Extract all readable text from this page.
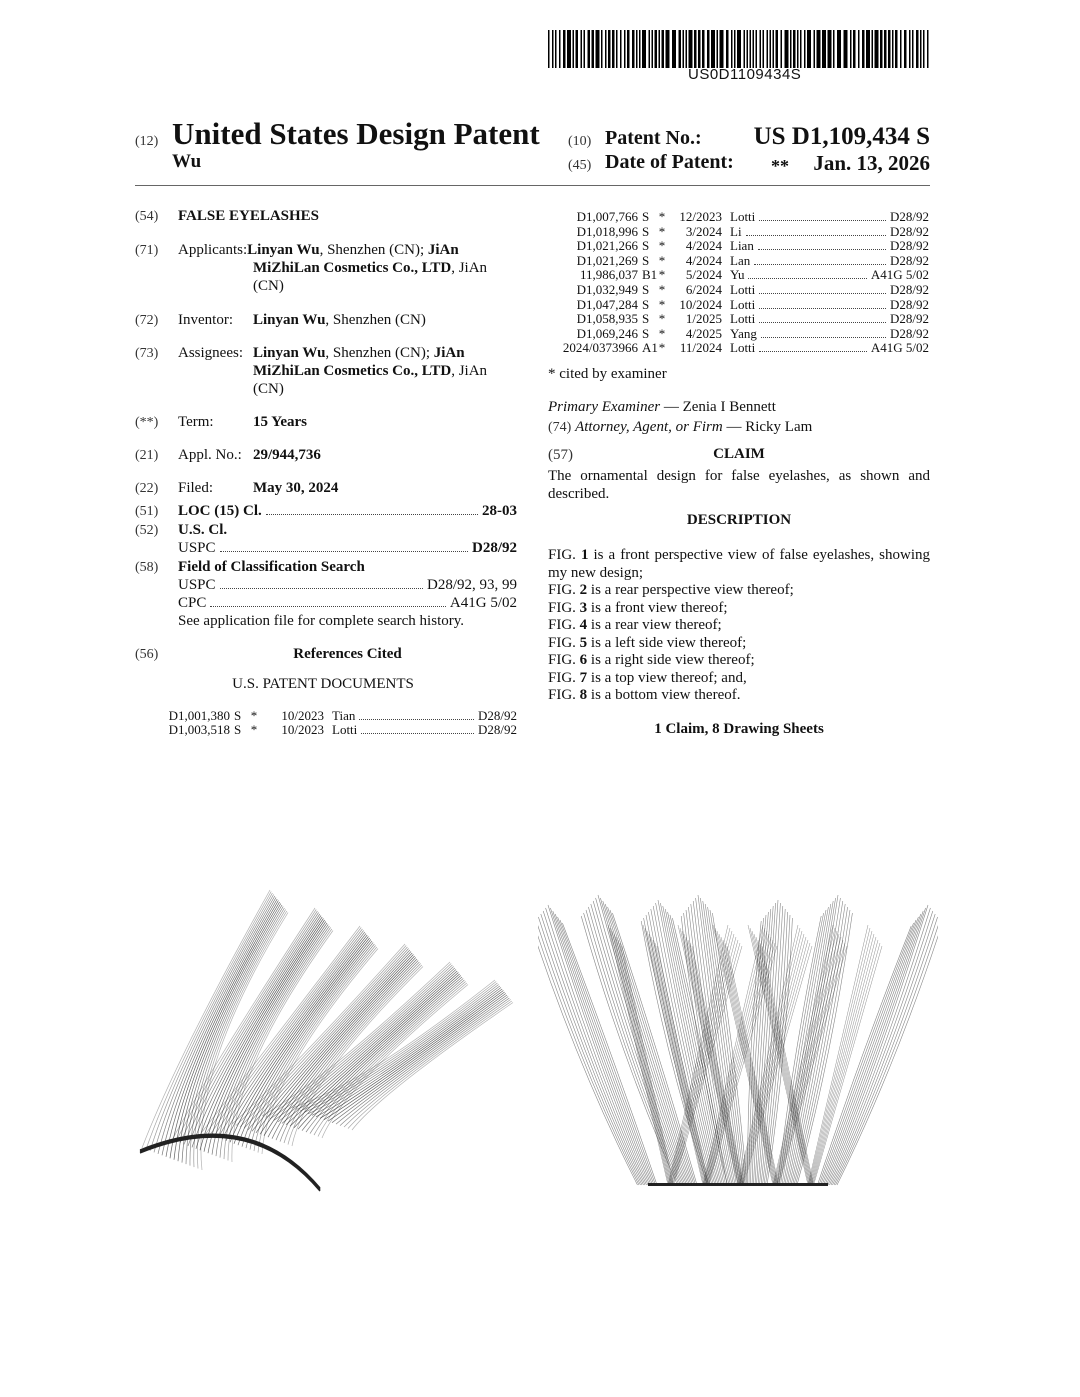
US0D1109434S
(12) United States Design Patent
Wu
(10) Patent No.: US D1,109,434 S
(45) Date of Patent: ** Jan. 13, 2026
(54) FALSE EYELASHES
(71) Applicants:Linyan Wu, Shenzhen (CN); JiAn
MiZhiLan Cosmetics Co., LTD, JiAn
(CN)
(72) Inventor: Linyan Wu, Shenzhen (CN)
(73) Assignees: Linyan Wu, Shenzhen (CN); JiAn
MiZhiLan Cosmetics Co., LTD, JiAn
(CN)
(**) Term:	15 Years
(21) Appl. No.: 29/944,736
(22) Filed:	May 30, 2024
(51) LOC (15) Cl.	28-03
(52) U.S. Cl.
USPC	D28/92
(58) Field of Classification Search
USPC	D28/92, 93, 99
CPC	A41G 5/02
See application file for complete search history.
(56)	References Cited
U.S. PATENT DOCUMENTS
D1,001,380 S *	10/2023 Tian	D28/92
D1,003,518 S *	10/2023 Lotti	D28/92
D1,007,766 S *	12/2023 Lotti	D28/92
D1,018,996 S *	3/2024 Li	D28/92
D1,021,266 S *	4/2024 Lian	D28/92
D1,021,269 S *	4/2024 Lan	D28/92
11,986,037 B1 *	5/2024 Yu	A41G 5/02
D1,032,949 S *	6/2024 Lotti	D28/92
D1,047,284 S *	10/2024 Lotti	D28/92
D1,058,935 S *	1/2025 Lotti	D28/92
D1,069,246 S *	4/2025 Yang	D28/92
2024/0373966 A1 *	11/2024 Lotti	A41G 5/02
* cited by examiner
Primary Examiner — Zenia I Bennett
(74) Attorney, Agent, or Firm — Ricky Lam
(57)	CLAIM
The ornamental design for false eyelashes, as shown and described.
DESCRIPTION
FIG. 1 is a front perspective view of false eyelashes, showing my new design;
FIG. 2 is a rear perspective view thereof;
FIG. 3 is a front view thereof;
FIG. 4 is a rear view thereof;
FIG. 5 is a left side view thereof;
FIG. 6 is a right side view thereof;
FIG. 7 is a top view thereof; and,
FIG. 8 is a bottom view thereof.
1 Claim, 8 Drawing Sheets
